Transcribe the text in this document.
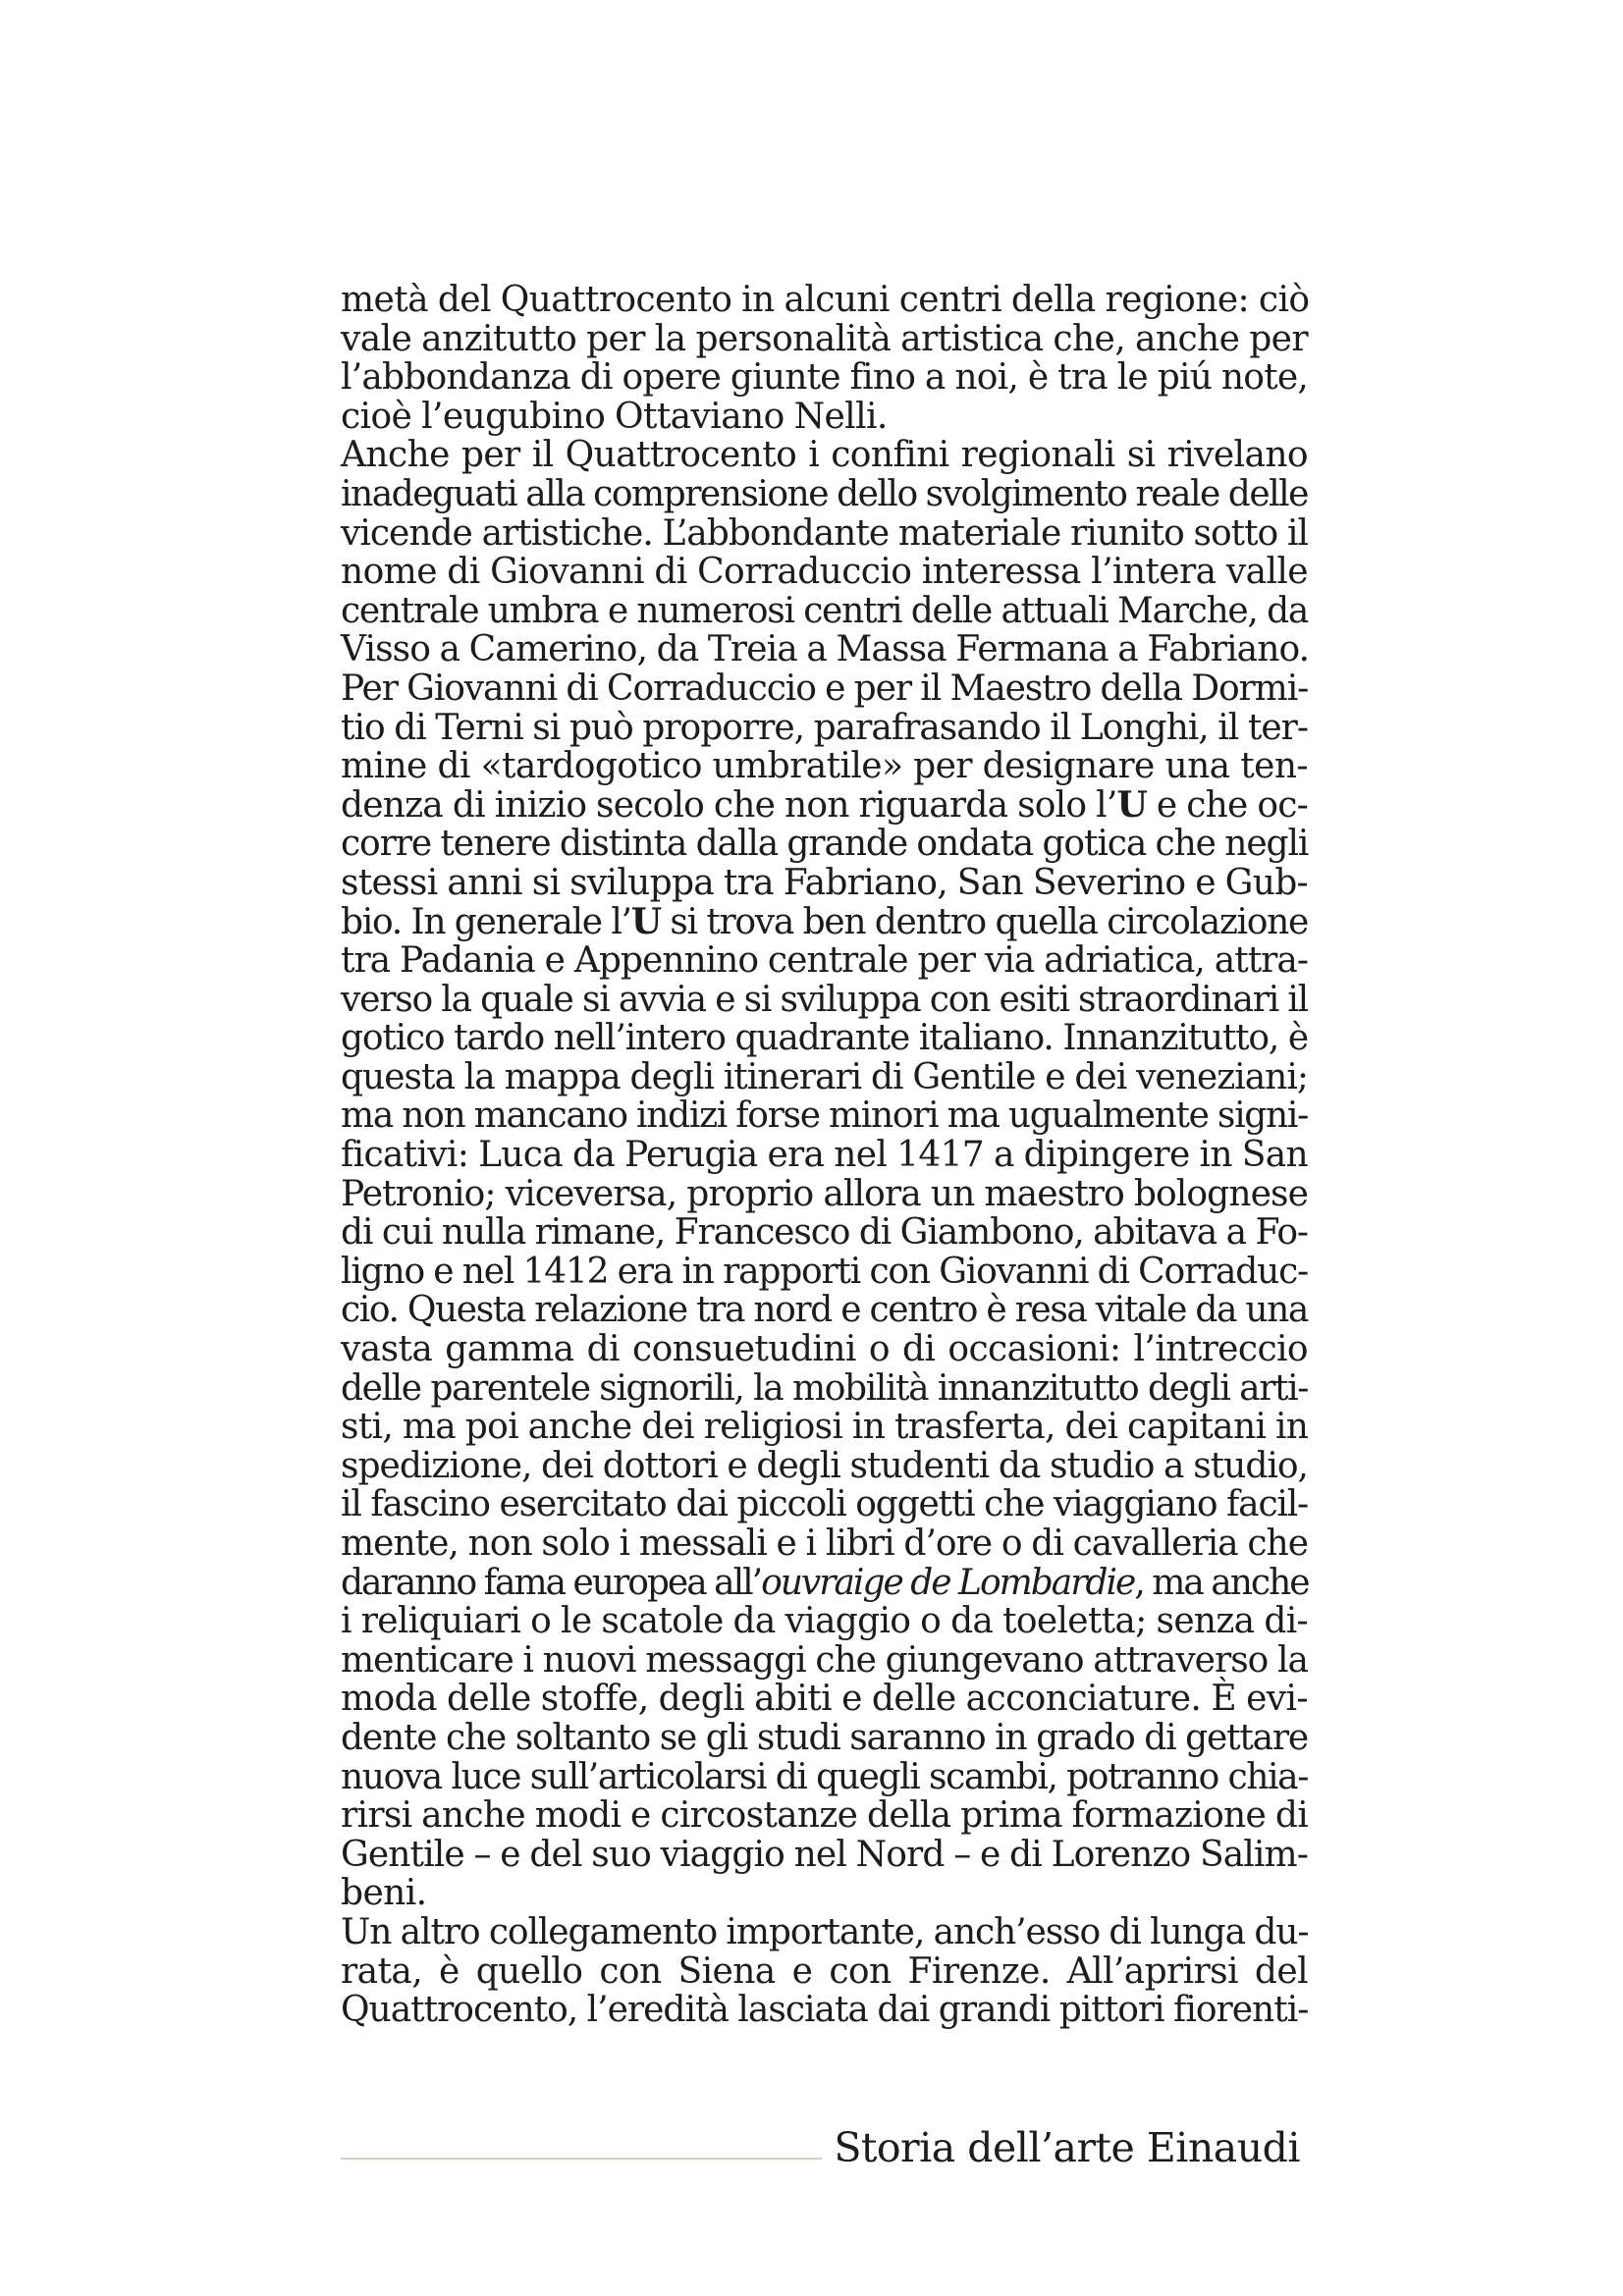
metà del Quattrocento in alcuni centri della regione: ciò
vale anzitutto per la personalità artistica che, anche per
l’abbondanza di opere giunte fino a noi, è tra le piú note,
cioè l’eugubino Ottaviano Nelli.
Anche per il Quattrocento i confini regionali si rivelano
inadeguati alla comprensione dello svolgimento reale delle
vicende artistiche. L’abbondante materiale riunito sotto il
nome di Giovanni di Corraduccio interessa l’intera valle
centrale umbra e numerosi centri delle attuali Marche, da
Visso a Camerino, da Treia a Massa Fermana a Fabriano.
Per Giovanni di Corraduccio e per il Maestro della Dormi-
tio di Terni si può proporre, parafrasando il Longhi, il ter-
mine di «tardogotico umbratile» per designare una ten-
denza di inizio secolo che non riguarda solo l’U e che oc-
corre tenere distinta dalla grande ondata gotica che negli
stessi anni si sviluppa tra Fabriano, San Severino e Gub-
bio. In generale l’U si trova ben dentro quella circolazione
tra Padania e Appennino centrale per via adriatica, attra-
verso la quale si avvia e si sviluppa con esiti straordinari il
gotico tardo nell’intero quadrante italiano. Innanzitutto, è
questa la mappa degli itinerari di Gentile e dei veneziani;
ma non mancano indizi forse minori ma ugualmente signi-
ficativi: Luca da Perugia era nel 1417 a dipingere in San
Petronio; viceversa, proprio allora un maestro bolognese
di cui nulla rimane, Francesco di Giambono, abitava a Fo-
ligno e nel 1412 era in rapporti con Giovanni di Corraduc-
cio. Questa relazione tra nord e centro è resa vitale da una
vasta gamma di consuetudini o di occasioni: l’intreccio
delle parentele signorili, la mobilità innanzitutto degli arti-
sti, ma poi anche dei religiosi in trasferta, dei capitani in
spedizione, dei dottori e degli studenti da studio a studio,
il fascino esercitato dai piccoli oggetti che viaggiano facil-
mente, non solo i messali e i libri d’ore o di cavalleria che
daranno fama europea all’ouvraige de Lombardie, ma anche
i reliquiari o le scatole da viaggio o da toeletta; senza di-
menticare i nuovi messaggi che giungevano attraverso la
moda delle stoffe, degli abiti e delle acconciature. È evi-
dente che soltanto se gli studi saranno in grado di gettare
nuova luce sull’articolarsi di quegli scambi, potranno chia-
rirsi anche modi e circostanze della prima formazione di
Gentile – e del suo viaggio nel Nord – e di Lorenzo Salim-
beni.
Un altro collegamento importante, anch’esso di lunga du-
rata, è quello con Siena e con Firenze. All’aprirsi del
Quattrocento, l’eredità lasciata dai grandi pittori fiorenti-
Storia dell’arte Einaudi
